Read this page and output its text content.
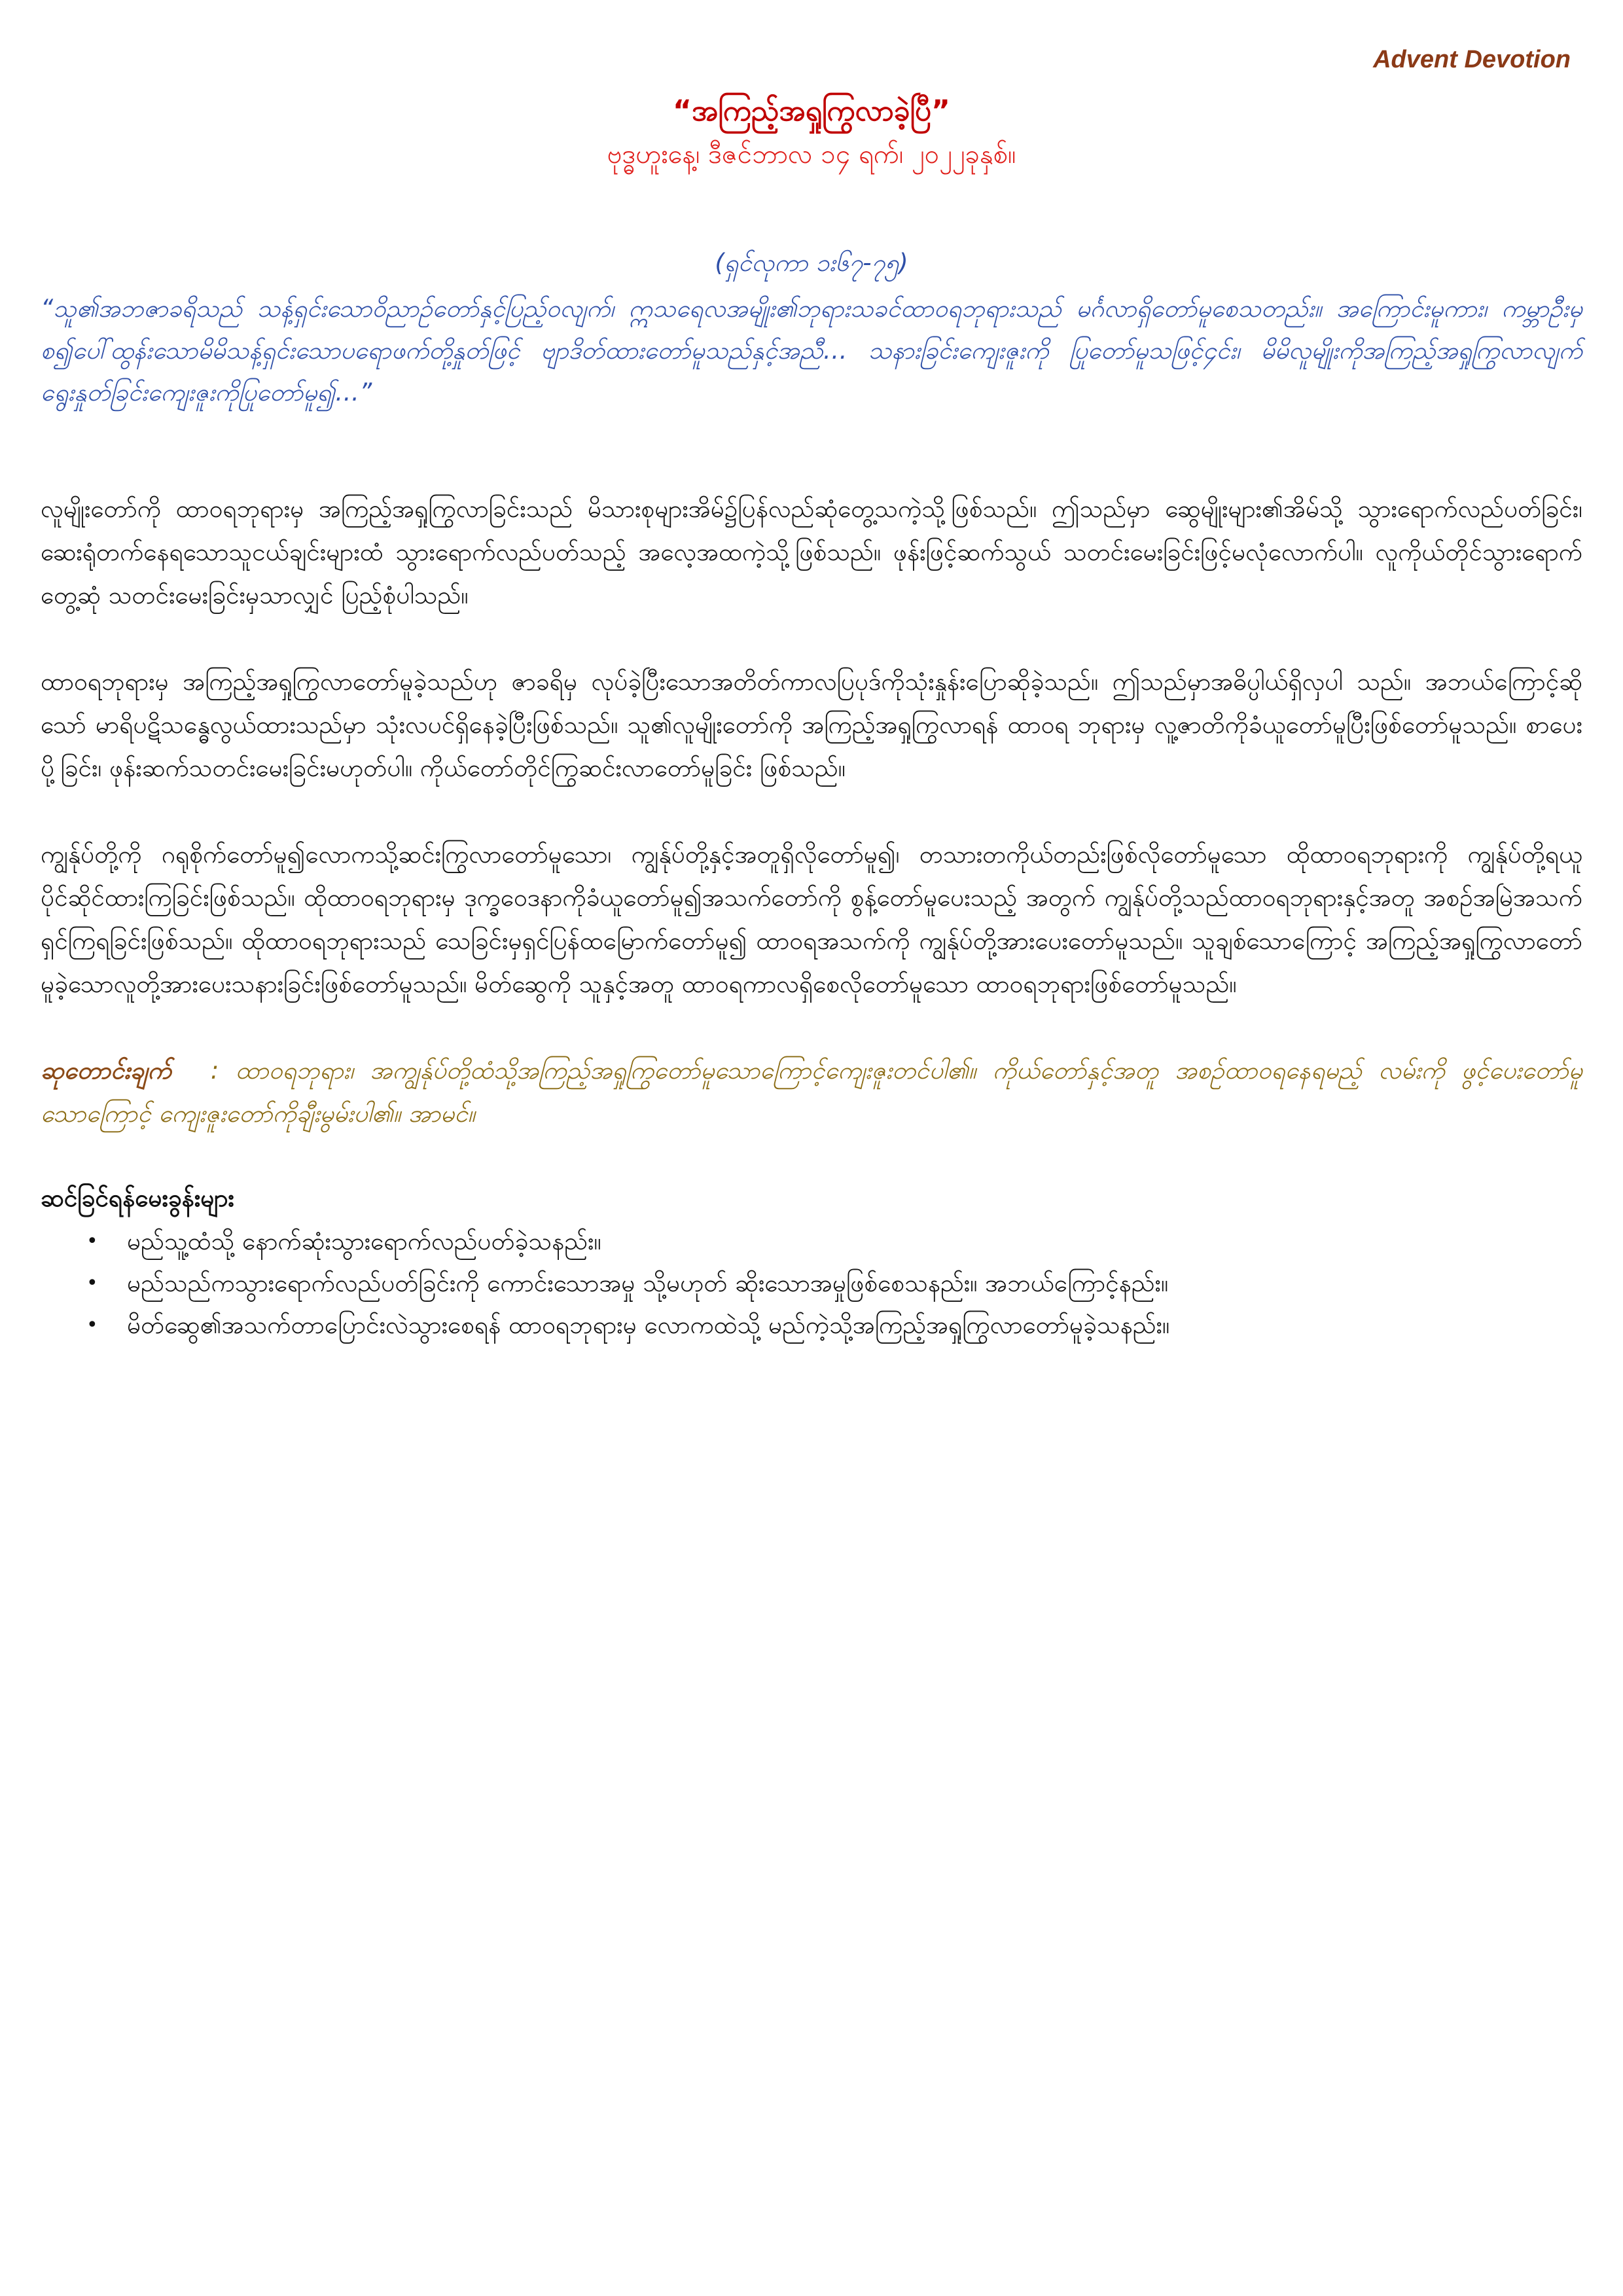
Advent Devotion
“အကြည့်အရှုကြွလာခဲ့ပြီ”
ဗုဒ္ဓဟူးနေ့၊ ဒီဇင်ဘာလ ၁၄ ရက်၊ ၂၀၂၂ခုနှစ်။
(ရှင်လုကာ ၁း၆၇-၇၅)
“သူ၏အဘဇာခရိသည် သန့်ရှင်းသောဝိညာဉ်တော်နှင့်ပြည့်ဝလျက်၊ ဣသရေလအမျိုး၏ဘုရားသခင်ထာဝရဘုရားသည် မင်္ဂလာရှိတော်မူစေသတည်း။ အကြောင်းမူကား၊ ကမ္ဘာဦးမှစ၍ပေါ်ထွန်းသောမိမိသန့်ရှင်းသောပရောဖက်တို့နှုတ်ဖြင့် ဗျာဒိတ်ထားတော်မူသည်နှင့်အညီ… သနားခြင်းကျေးဇူးကို ပြုတော်မူသဖြင့်၄င်း၊ မိမိလူမျိုးကိုအကြည့်အရှုကြွလာလျက် ရွေးနှုတ်ခြင်းကျေးဇူးကိုပြုတော်မူ၍…”

လူမျိုးတော်ကို ထာဝရဘုရားမှ အကြည့်အရှုကြွလာခြင်းသည် မိသားစုများအိမ်၌ပြန်လည်ဆုံတွေ့သကဲ့သို့ဖြစ်သည်။ ဤသည်မှာ ဆွေမျိုးများ၏အိမ်သို့ သွားရောက်လည်ပတ်ခြင်း၊ ဆေးရုံတက်နေရသောသူငယ်ချင်းများထံ သွားရောက်လည်ပတ်သည့် အလေ့အထကဲ့သို့ဖြစ်သည်။ ဖုန်းဖြင့်ဆက်သွယ် သတင်းမေးခြင်းဖြင့်မလုံလောက်ပါ။ လူကိုယ်တိုင်သွားရောက်တွေ့ဆုံ သတင်းမေးခြင်းမှသာလျှင် ပြည့်စုံပါသည်။

ထာဝရဘုရားမှ အကြည့်အရှုကြွလာတော်မူခဲ့သည်ဟု ဇာခရိမှ လုပ်ခဲ့ပြီးသောအတိတ်ကာလပြပုဒ်ကိုသုံးနှုန်းပြောဆိုခဲ့သည်။ ဤသည်မှာအဓိပ္ပါယ်ရှိလှပါ သည်။ အဘယ်ကြောင့်ဆိုသော် မာရိပဋိသန္ဓေလွယ်ထားသည်မှာ သုံးလပင်ရှိနေခဲ့ပြီးဖြစ်သည်။ သူ၏လူမျိုးတော်ကို အကြည့်အရှုကြွလာရန် ထာဝရ ဘုရားမှ လူ့ဇာတိကိုခံယူတော်မူပြီးဖြစ်တော်မူသည်။ စာပေးပို့ခြင်း၊ ဖုန်းဆက်သတင်းမေးခြင်းမဟုတ်ပါ။ ကိုယ်တော်တိုင်ကြွဆင်းလာတော်မူခြင်း ဖြစ်သည်။

ကျွန်ုပ်တို့ကို ဂရုစိုက်တော်မူ၍လောကသို့ဆင်းကြွလာတော်မူသော၊ ကျွန်ုပ်တို့နှင့်အတူရှိလိုတော်မူ၍၊ တသားတကိုယ်တည်းဖြစ်လိုတော်မူသော ထိုထာဝရဘုရားကို ကျွန်ုပ်တို့ရယူပိုင်ဆိုင်ထားကြခြင်းဖြစ်သည်။ ထိုထာဝရဘုရားမှ ဒုက္ခဝေဒနာကိုခံယူတော်မူ၍အသက်တော်ကို စွန့်တော်မူပေးသည့် အတွက် ကျွန်ုပ်တို့သည်ထာဝရဘုရားနှင့်အတူ အစဉ်အမြဲအသက်ရှင်ကြရခြင်းဖြစ်သည်။ ထိုထာဝရဘုရားသည် သေခြင်းမှရှင်ပြန်ထမြောက်တော်မူ၍ ထာဝရအသက်ကို ကျွန်ုပ်တို့အားပေးတော်မူသည်။ သူချစ်သောကြောင့် အကြည့်အရှုကြွလာတော်မူခဲ့သောလူတို့အားပေးသနားခြင်းဖြစ်တော်မူသည်။ မိတ်ဆွေကို သူနှင့်အတူ ထာဝရကာလရှိစေလိုတော်မူသော ထာဝရဘုရားဖြစ်တော်မူသည်။

ဆုတောင်းချက် : ထာဝရဘုရား၊ အကျွန်ုပ်တို့ထံသို့အကြည့်အရှုကြွတော်မူသောကြောင့်ကျေးဇူးတင်ပါ၏။ ကိုယ်တော်နှင့်အတူ အစဉ်ထာဝရနေရမည့် လမ်းကို ဖွင့်ပေးတော်မူသောကြောင့် ကျေးဇူးတော်ကိုချီးမွမ်းပါ၏။ အာမင်။

ဆင်ခြင်ရန်မေးခွန်းများ
• မည်သူ့ထံသို့ နောက်ဆုံးသွားရောက်လည်ပတ်ခဲ့သနည်း။
• မည်သည်ကသွားရောက်လည်ပတ်ခြင်းကို ကောင်းသောအမှု သို့မဟုတ် ဆိုးသောအမှုဖြစ်စေသနည်း။ အဘယ်ကြောင့်နည်း။
• မိတ်ဆွေ၏အသက်တာပြောင်းလဲသွားစေရန် ထာဝရဘုရားမှ လောကထဲသို့ မည်ကဲ့သို့အကြည့်အရှုကြွလာတော်မူခဲ့သနည်း။
